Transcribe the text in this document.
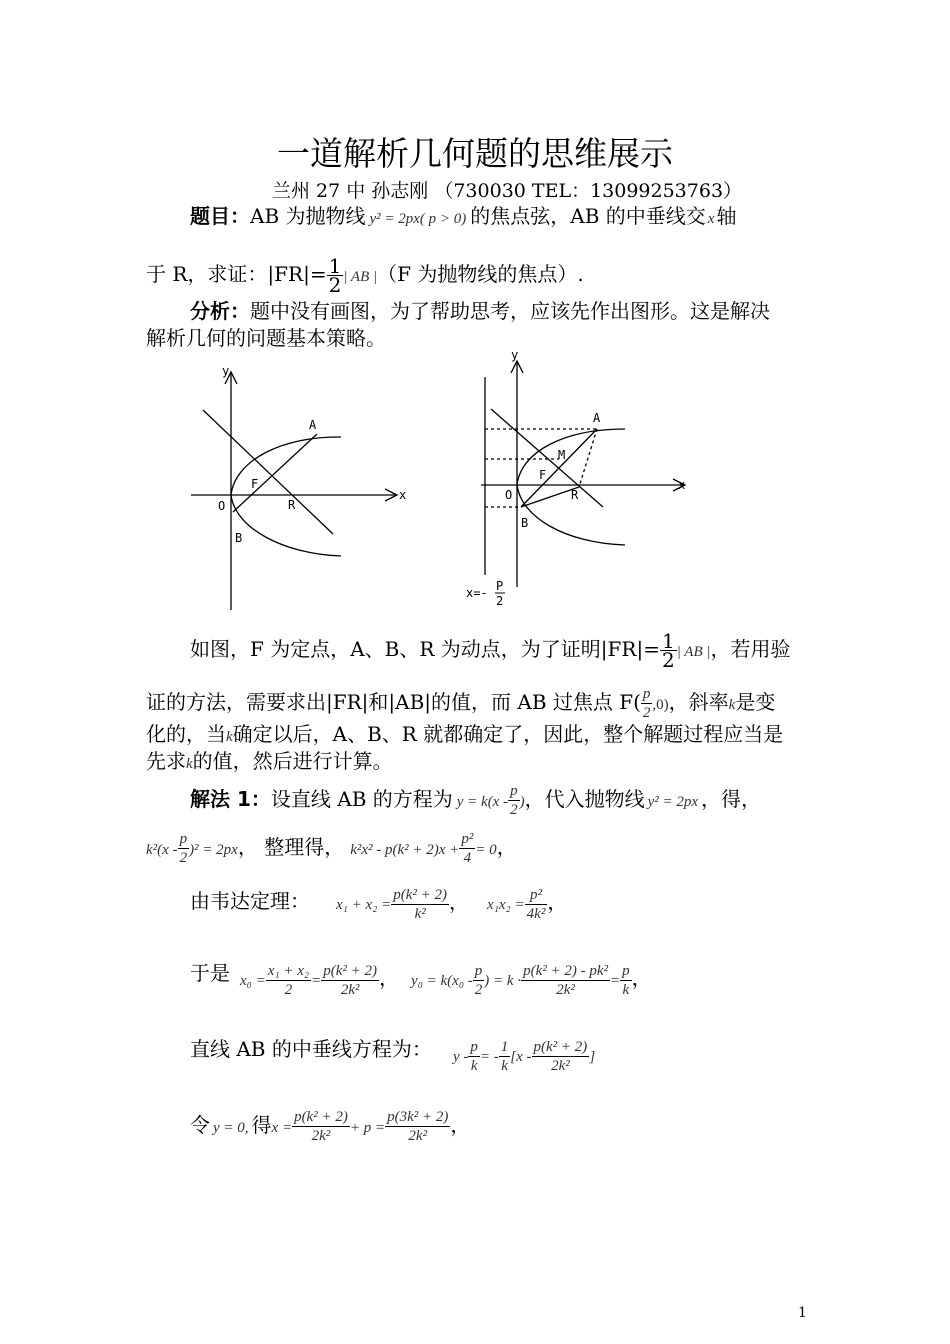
一道解析几何题的思维展示
兰州 27 中 孙志刚 （730030 TEL：13099253763）
题目：AB 为抛物线 y² = 2px( p > 0) 的焦点弦，AB 的中垂线交 x 轴
于 R，求证：$|FR|= \frac{1}{2}$ | AB |（F 为抛物线的焦点）.
分析：题中没有画图，为了帮助思考，应该先作出图形。这是解决
解析几何的问题基本策略。
y
x
O
A
B
F
R
y
x
O
A
B
F
R
M
x=- P
2
如图，F 为定点，A、B、R 为动点，为了证明$|FR|= \frac{1}{2}$ | AB |，若用验
证的方法，需要求出|FR|和|AB|的值，而 AB 过焦点 $F( \frac{p}{2} ,0)$，斜率k是变
化的，当k确定以后，A、B、R 就都确定了，因此，整个解题过程应当是
先求k的值，然后进行计算。
解法 1：设直线 AB 的方程为 $y = k(x - \frac{p}{2}$ )，代入抛物线 y² = 2px ，得，
$k^2(x - \frac{p}{2} )^2 = 2px$， 整理得， $k^2x^2 - p(k^2 + 2)x + \frac{\text{p²}}{4} = 0$，
由韦达定理： $x_1 + x_2 = \frac{\text{p(k² + 2)}}{\text{k²}}$ ， $x_1x_2 = \frac{\text{p²}}{\text{4k²}}$ ，
于是 $x_0 = \frac{\text{x₁ + x₂}}{2} = \frac{\text{p(k² + 2)}}{\text{2k²}}$ ， $y_0 = k(x_0 - \frac{p}{2}$ ) = $k \cdot \frac{\text{p(k² + 2) - pk²}}{\text{2k²}} = \frac{p}{k}$ ，
直线 AB 的中垂线方程为： y - $\frac{p}{k}$ = - $\frac{1}{k} [x - \frac{\text{p(k² + 2)}}{\text{2k²}}$ ]
令 y = 0, 得$x = \frac{\text{p(k² + 2)}}{\text{2k²}} + p = \frac{\text{p(3k² + 2)}}{\text{2k²}}$ ，
1
